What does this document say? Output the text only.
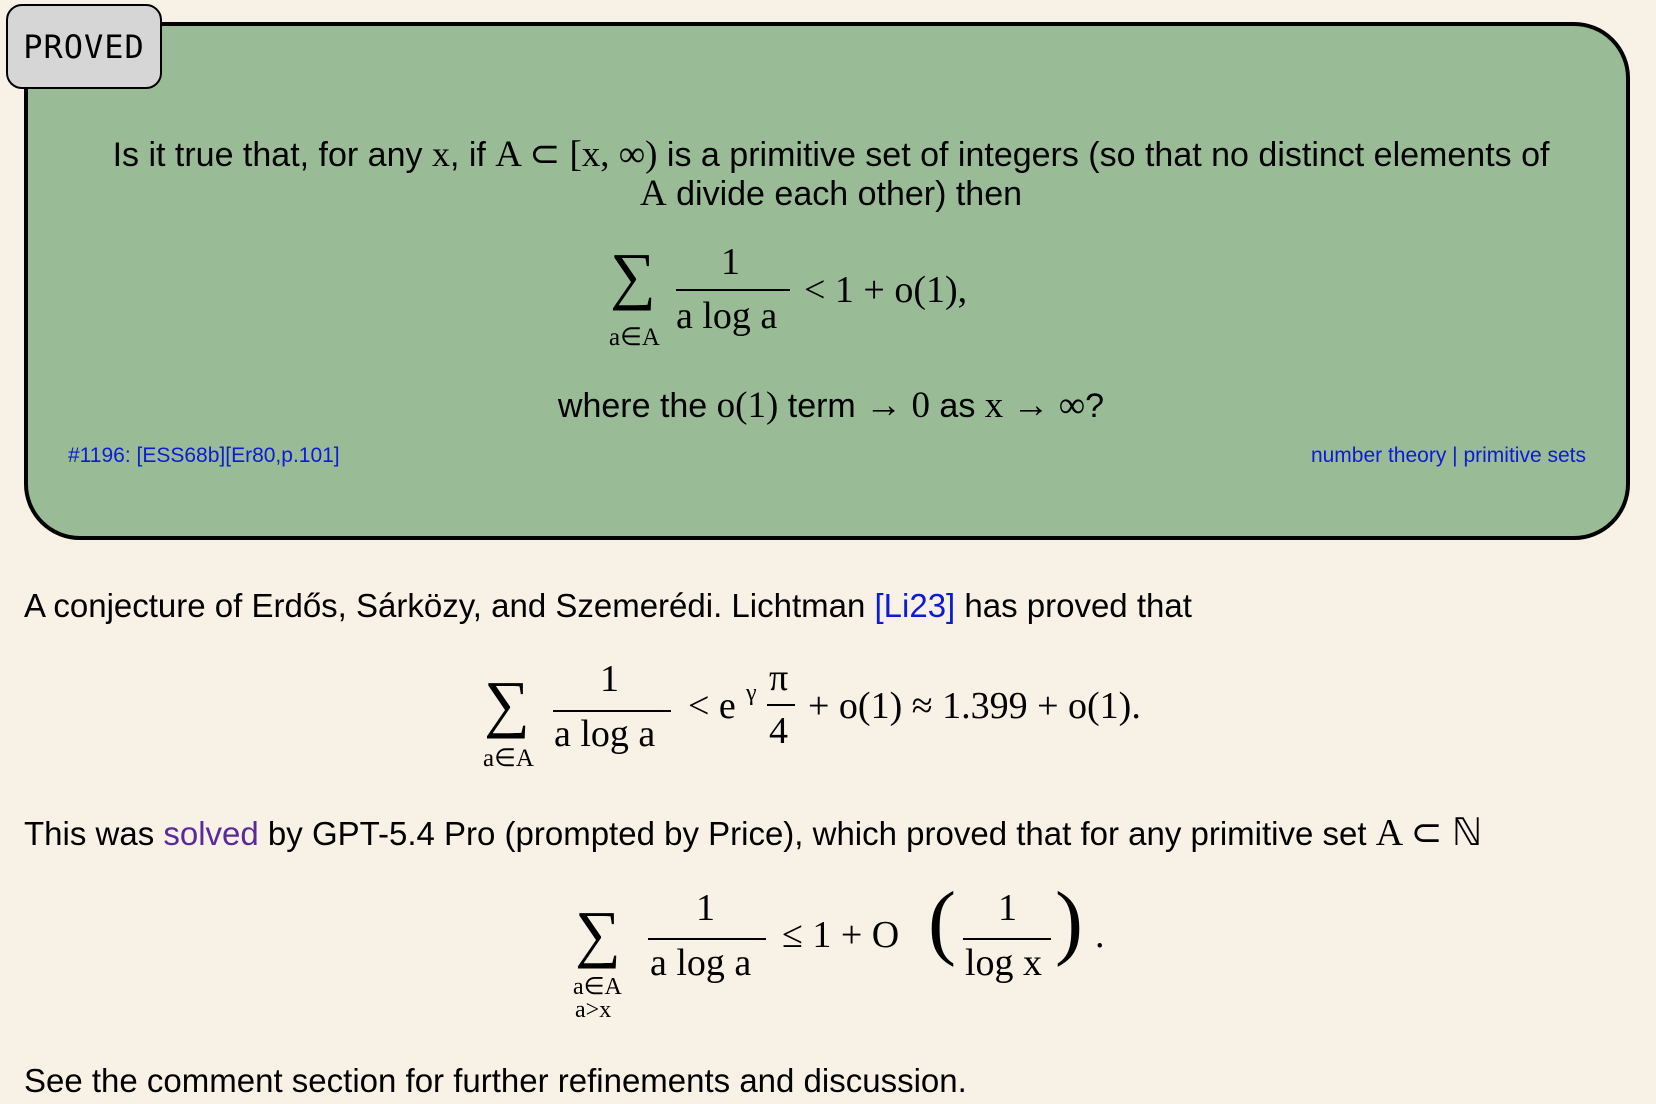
PROVED
Is it true that, for any x, if A ⊂ [x, ∞) is a primitive set of integers (so that no distinct elements of
A divide each other) then
∑
a∈A
1
a log a
< 1 + o(1),
where the o(1) term → 0 as x → ∞?
#1196: [ESS68b][Er80,p.101]	number theory | primitive sets
A conjecture of Erdős, Sárközy, and Szemerédi. Lichtman [Li23] has proved that
∑
a∈A
1
a log a
< e γ π
4
+ o(1) ≈ 1.399 + o(1).
This was solved by GPT-5.4 Pro (prompted by Price), which proved that for any primitive set A ⊂ ℕ
∑
a∈A
a>x
1
a log a
≤ 1 + O ( 1
log x ) .
See the comment section for further refinements and discussion.
